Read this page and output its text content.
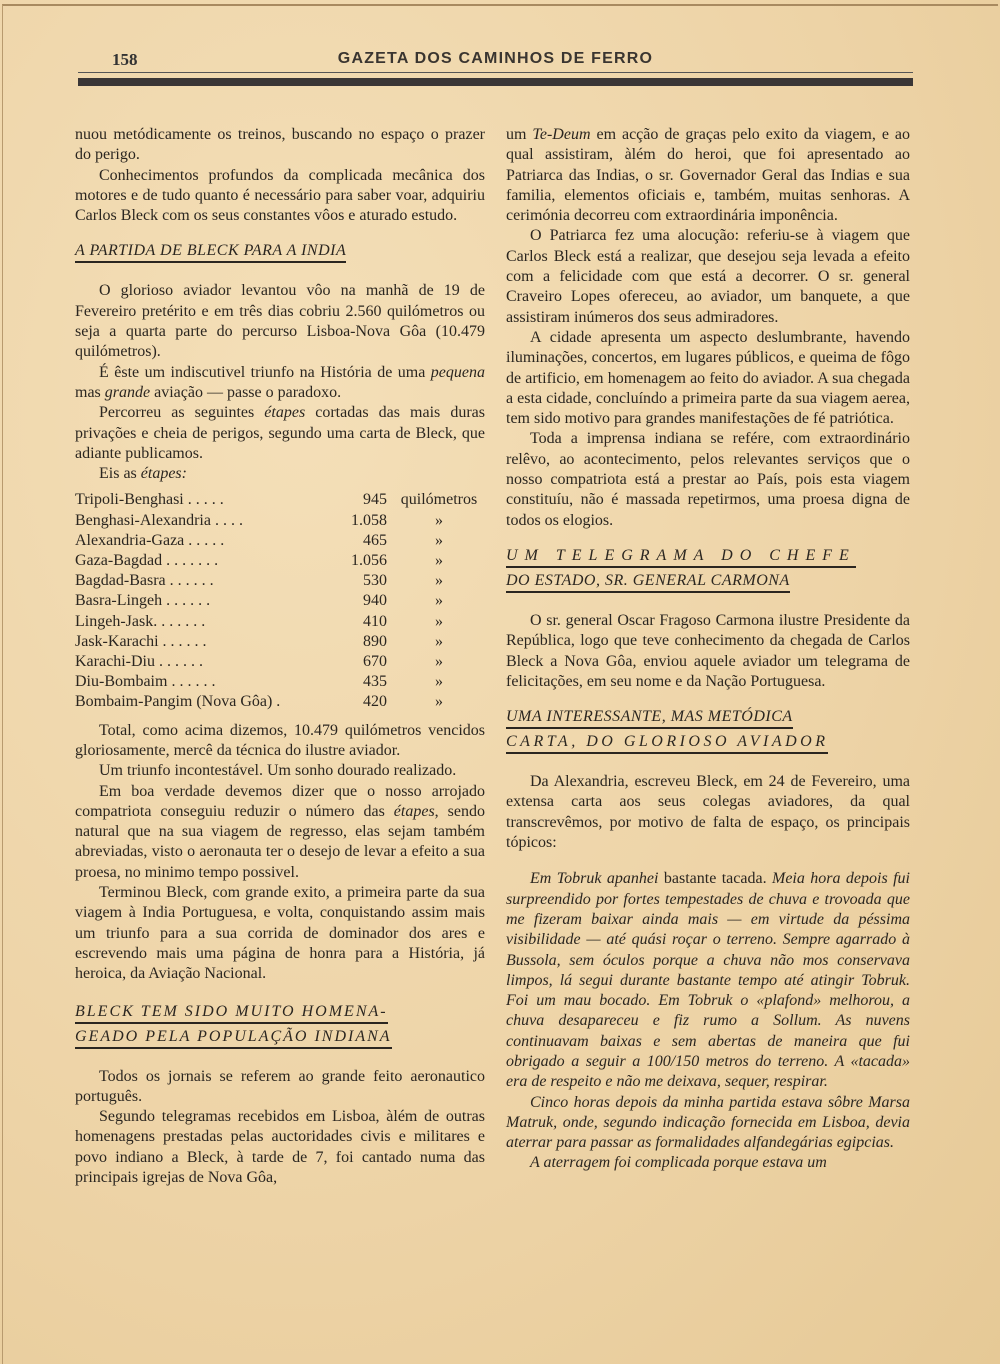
158	GAZETA DOS CAMINHOS DE FERRO

nuou metódicamente os treinos, buscando no espaço o prazer do perigo.

Conhecimentos profundos da complicada mecânica dos motores e de tudo quanto é necessário para saber voar, adquiriu Carlos Bleck com os seus constantes vôos e aturado estudo.

A PARTIDA DE BLECK PARA A INDIA

O glorioso aviador levantou vôo na manhã de 19 de Fevereiro pretérito e em três dias cobriu 2.560 quilómetros ou seja a quarta parte do percurso Lisboa-Nova Gôa (10.479 quilómetros).

É êste um indiscutivel triunfo na História de uma pequena mas grande aviação — passe o paradoxo.

Percorreu as seguintes étapes cortadas das mais duras privações e cheia de perigos, segundo uma carta de Bleck, que adiante publicamos.

Eis as étapes:

Tripoli-Benghasi . . . . .	945	quilómetros
Benghasi-Alexandria . . . .	1.058	»
Alexandria-Gaza . . . . .	465	»
Gaza-Bagdad . . . . . . .	1.056	»
Bagdad-Basra . . . . . .	530	»
Basra-Lingeh . . . . . .	940	»
Lingeh-Jask. . . . . . .	410	»
Jask-Karachi . . . . . .	890	»
Karachi-Diu . . . . . .	670	»
Diu-Bombaim . . . . . .	435	»
Bombaim-Pangim (Nova Gôa) .	420	»

Total, como acima dizemos, 10.479 quilómetros vencidos gloriosamente, mercê da técnica do ilustre aviador.

Um triunfo incontestável. Um sonho dourado realizado.

Em boa verdade devemos dizer que o nosso arrojado compatriota conseguiu reduzir o número das étapes, sendo natural que na sua viagem de regresso, elas sejam também abreviadas, visto o aeronauta ter o desejo de levar a efeito a sua proesa, no minimo tempo possivel.

Terminou Bleck, com grande exito, a primeira parte da sua viagem à India Portuguesa, e volta, conquistando assim mais um triunfo para a sua corrida de dominador dos ares e escrevendo mais uma página de honra para a História, já heroica, da Aviação Nacional.

BLECK TEM SIDO MUITO HOMENA-
GEADO PELA POPULAÇÃO INDIANA

Todos os jornais se referem ao grande feito aeronautico português.

Segundo telegramas recebidos em Lisboa, àlém de outras homenagens prestadas pelas auctoridades civis e militares e povo indiano a Bleck, à tarde de 7, foi cantado numa das principais igrejas de Nova Gôa,

um Te-Deum em acção de graças pelo exito da viagem, e ao qual assistiram, àlém do heroi, que foi apresentado ao Patriarca das Indias, o sr. Governador Geral das Indias e sua familia, elementos oficiais e, também, muitas senhoras. A cerimónia decorreu com extraordinária imponência.

O Patriarca fez uma alocução: referiu-se à viagem que Carlos Bleck está a realizar, que desejou seja levada a efeito com a felicidade com que está a decorrer. O sr. general Craveiro Lopes ofereceu, ao aviador, um banquete, a que assistiram inúmeros dos seus admiradores.

A cidade apresenta um aspecto deslumbrante, havendo iluminações, concertos, em lugares públicos, e queima de fôgo de artificio, em homenagem ao feito do aviador. A sua chegada a esta cidade, concluíndo a primeira parte da sua viagem aerea, tem sido motivo para grandes manifestações de fé patriótica.

Toda a imprensa indiana se refére, com extraordinário relêvo, ao acontecimento, pelos relevantes serviços que o nosso compatriota está a prestar ao País, pois esta viagem constituíu, não é massada repetirmos, uma proesa digna de todos os elogios.

UM TELEGRAMA DO CHEFE
DO ESTADO, SR. GENERAL CARMONA

O sr. general Oscar Fragoso Carmona ilustre Presidente da República, logo que teve conhecimento da chegada de Carlos Bleck a Nova Gôa, enviou aquele aviador um telegrama de felicitações, em seu nome e da Nação Portuguesa.

UMA INTERESSANTE, MAS METÓDICA
CARTA, DO GLORIOSO AVIADOR

Da Alexandria, escreveu Bleck, em 24 de Fevereiro, uma extensa carta aos seus colegas aviadores, da qual transcrevêmos, por motivo de falta de espaço, os principais tópicos:

Em Tobruk apanhei bastante tacada. Meia hora depois fui surpreendido por fortes tempestades de chuva e trovoada que me fizeram baixar ainda mais — em virtude da péssima visibilidade — até quási roçar o terreno. Sempre agarrado à Bussola, sem óculos porque a chuva não mos conservava limpos, lá segui durante bastante tempo até atingir Tobruk. Foi um mau bocado. Em Tobruk o «plafond» melhorou, a chuva desapareceu e fiz rumo a Sollum. As nuvens continuavam baixas e sem abertas de maneira que fui obrigado a seguir a 100/150 metros do terreno. A «tacada» era de respeito e não me deixava, sequer, respirar.

Cinco horas depois da minha partida estava sôbre Marsa Matruk, onde, segundo indicação fornecida em Lisboa, devia aterrar para passar as formalidades alfandegárias egipcias.

A aterragem foi complicada porque estava um
